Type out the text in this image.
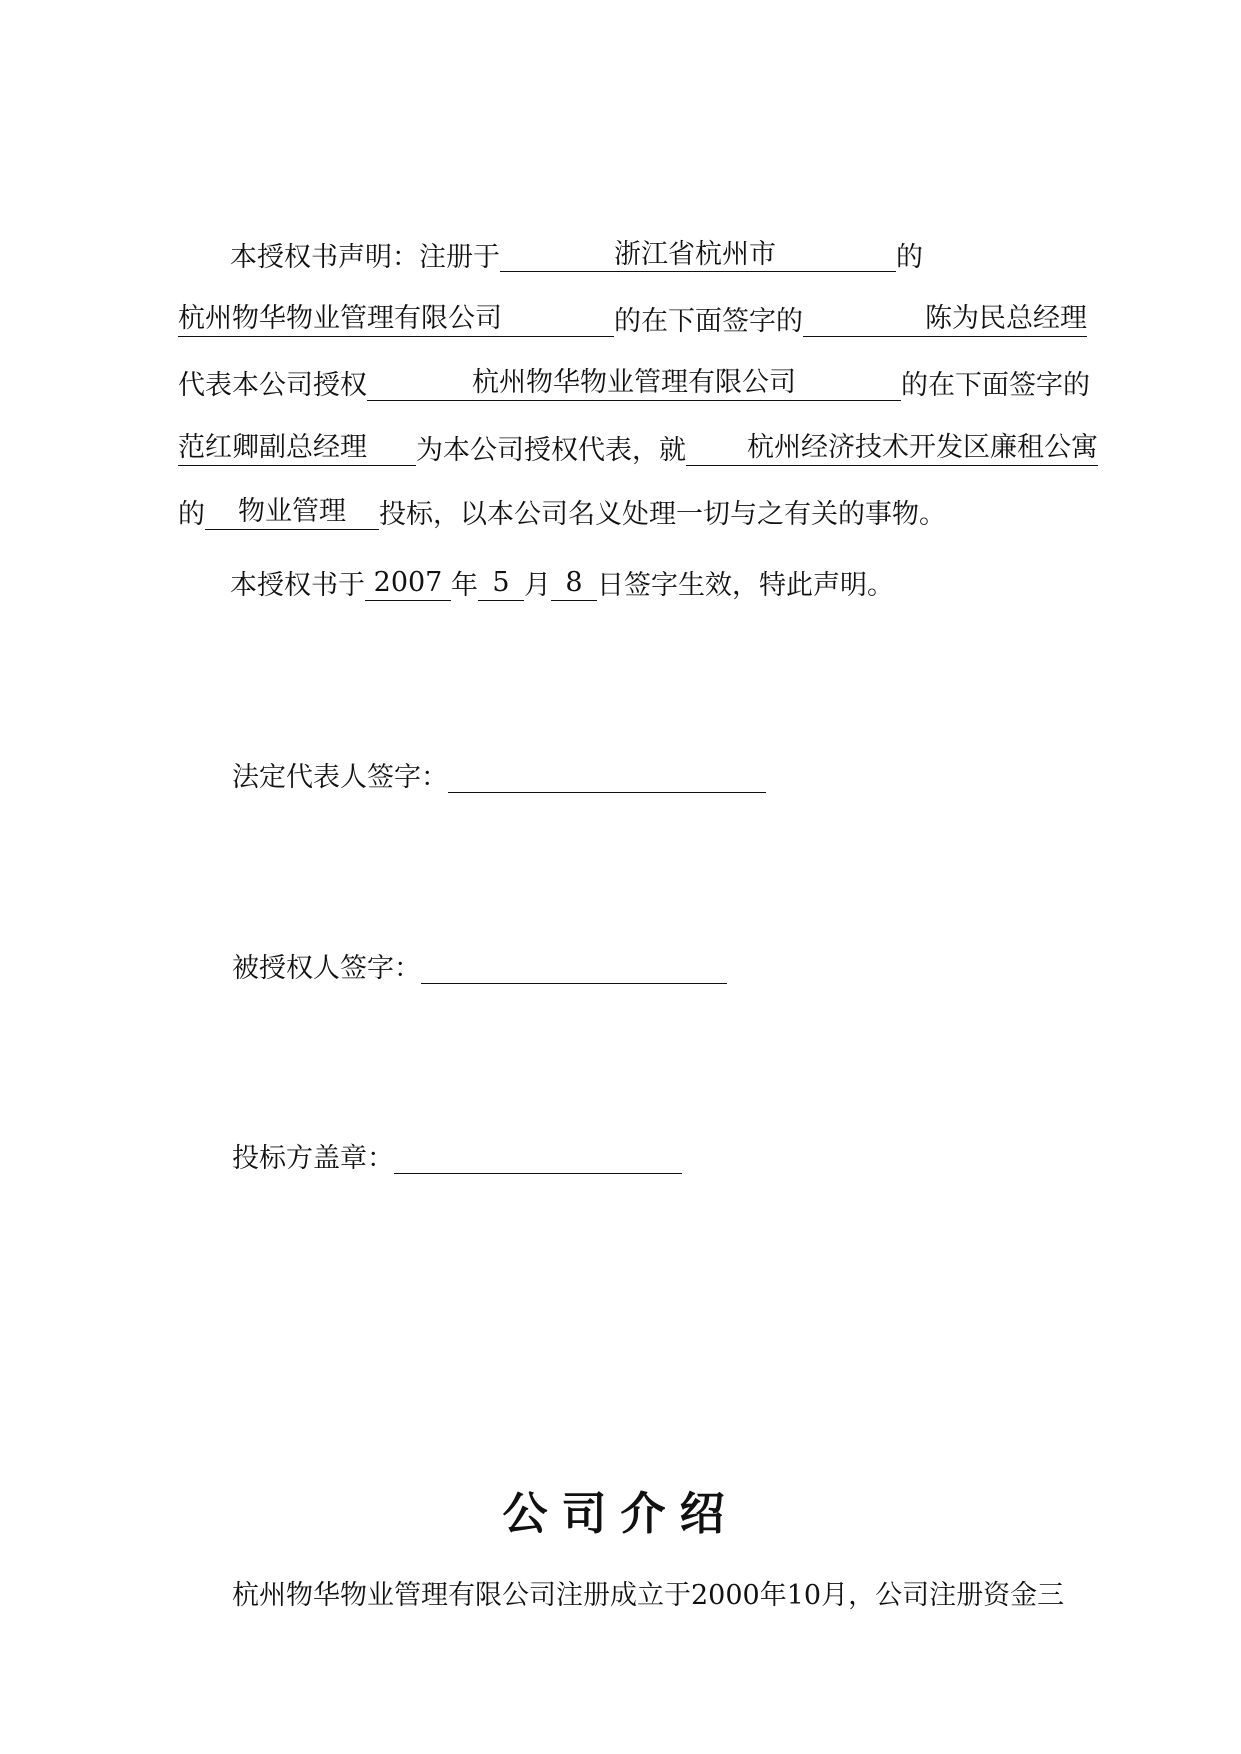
本授权书声明：注册于	浙江省杭州市	的
杭州物华物业管理有限公司	的在下面签字的	陈为民总经理
代表本公司授权	杭州物华物业管理有限公司	的在下面签字的
范红卿副总经理 为本公司授权代表，就 杭州经济技术开发区廉租公寓
的 物业管理 投标，以本公司名义处理一切与之有关的事物。
本授权书于 2007 年 5 月 8 日签字生效，特此声明。
法定代表人签字：
被授权人签字：
投标方盖章：
公司介绍
杭州物华物业管理有限公司注册成立于2000年10月，公司注册资金三
